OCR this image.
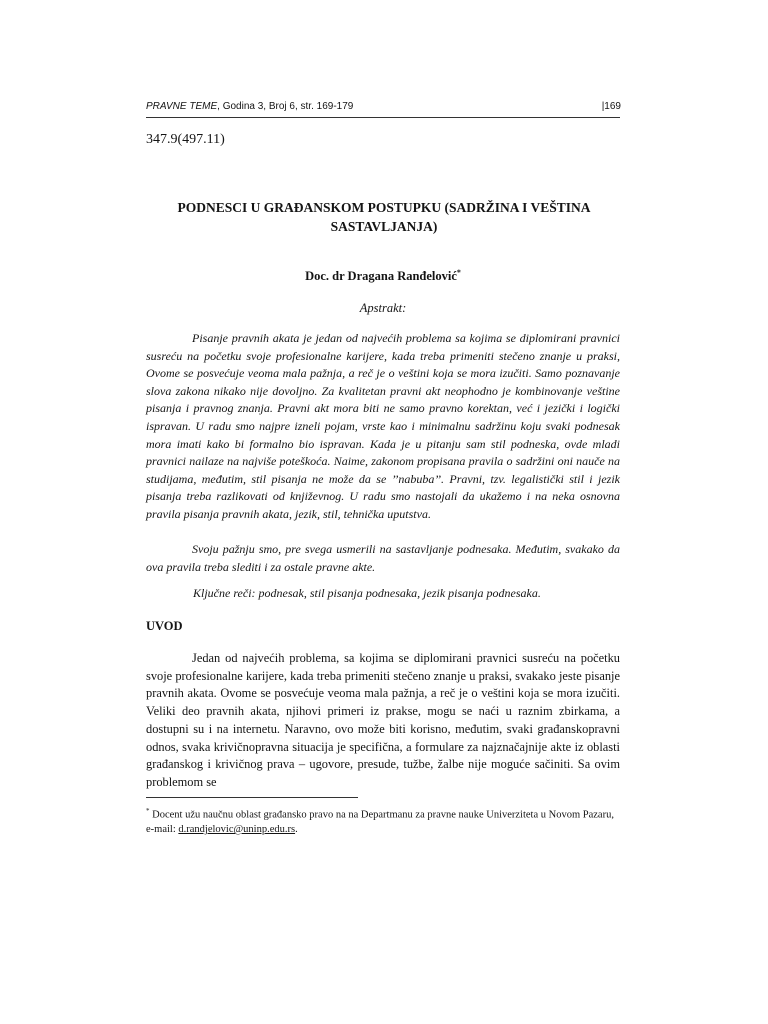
PRAVNE TEME, Godina 3, Broj 6, str. 169-179	|169
347.9(497.11)
PODNESCI U GRAĐANSKOM POSTUPKU (SADRŽINA I VEŠTINA SASTAVLJANJA)
Doc. dr Dragana Ranđelović*
Apstrakt:

Pisanje pravnih akata je jedan od najvećih problema sa kojima se diplomirani pravnici susreću na početku svoje profesionalne karijere, kada treba primeniti stečeno znanje u praksi, Ovome se posvećuje veoma mala pažnja, a reč je o veštini koja se mora izučiti. Samo poznavanje slova zakona nikako nije dovoljno. Za kvalitetan pravni akt neophodno je kombinovanje veštine pisanja i pravnog znanja. Pravni akt mora biti ne samo pravno korektan, već i jezički i logički ispravan. U radu smo najpre izneli pojam, vrste kao i minimalnu sadržinu koju svaki podnesak mora imati kako bi formalno bio ispravan. Kada je u pitanju sam stil podneska, ovde mladi pravnici nailaze na najviše poteškoća. Naime, zakonom propisana pravila o sadržini oni nauče na studijama, međutim, stil pisanja ne može da se ’’nabuba’’. Pravni, tzv. legalistički stil i jezik pisanja treba razlikovati od književnog. U radu smo nastojali da ukažemo i na neka osnovna pravila pisanja pravnih akata, jezik, stil, tehnička uputstva.

Svoju pažnju smo, pre svega usmerili na sastavljanje podnesaka. Međutim, svakako da ova pravila treba slediti i za ostale pravne akte.

Ključne reči: podnesak, stil pisanja podnesaka, jezik pisanja podnesaka.
UVOD

Jedan od najvećih problema, sa kojima se diplomirani pravnici susreću na početku svoje profesionalne karijere, kada treba primeniti stečeno znanje u praksi, svakako jeste pisanje pravnih akata. Ovome se posvećuje veoma mala pažnja, a reč je o veštini koja se mora izučiti. Veliki deo pravnih akata, njihovi primeri iz prakse, mogu se naći u raznim zbirkama, a dostupni su i na internetu. Naravno, ovo može biti korisno, međutim, svaki građanskopravni odnos, svaka krivičnopravna situacija je specifična, a formulare za najznačajnije akte iz oblasti građanskog i krivičnog prava – ugovore, presude, tužbe, žalbe nije moguće sačiniti. Sa ovim problemom se

* Docent užu naučnu oblast građansko pravo na na Departmanu za pravne nauke Univerziteta u Novom Pazaru, e-mail: d.randjelovic@uninp.edu.rs.
